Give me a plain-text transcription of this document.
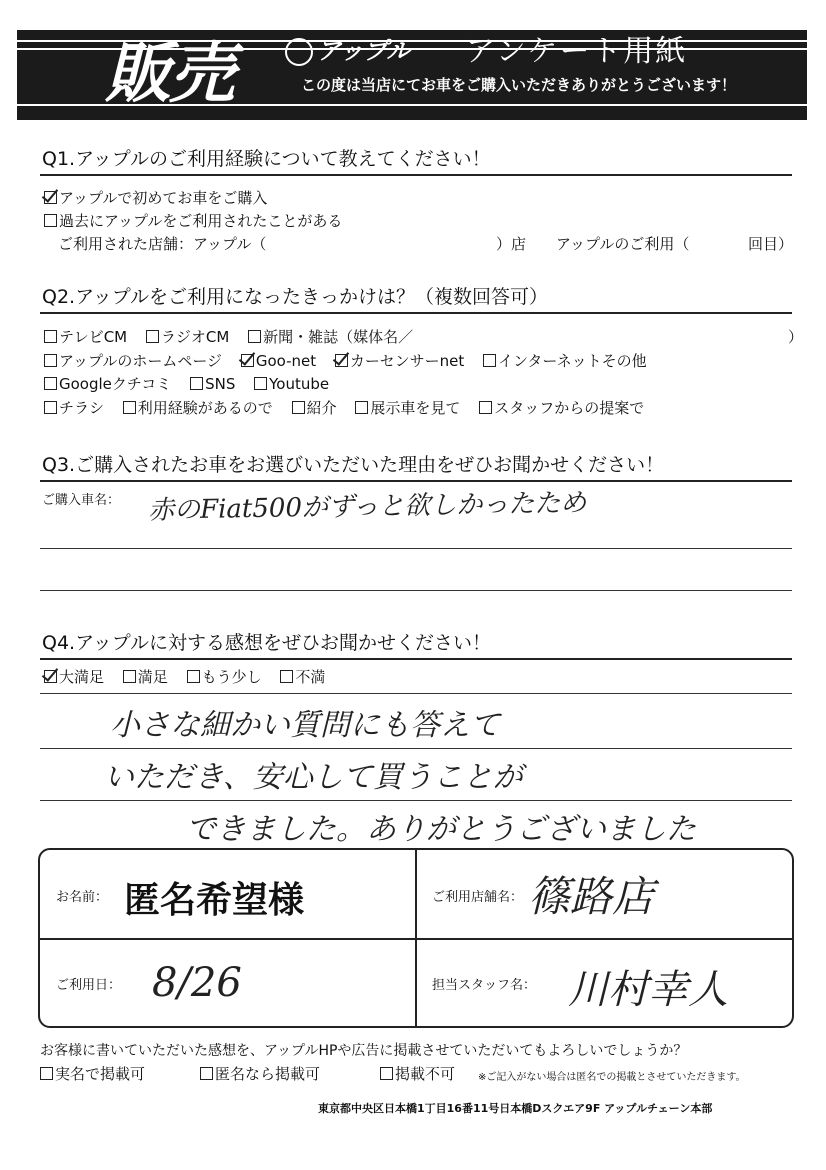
販売	アップル アンケート用紙
この度は当店にてお車をご購入いただきありがとうございます！
Q1.アップルのご利用経験について教えてください！
アップルで初めてお車をご購入
過去にアップルをご利用されたことがある
ご利用された店舗：アップル（	）店 アップルのご利用（	回目）
Q2.アップルをご利用になったきっかけは？（複数回答可）
テレビCM ラジオCM 新聞・雑誌（媒体名／	）
アップルのホームページ Goo-net カーセンサーnet インターネットその他
Googleクチコミ SNS Youtube
チラシ 利用経験があるので 紹介 展示車を見て スタッフからの提案で
Q3.ご購入されたお車をお選びいただいた理由をぜひお聞かせください！
ご購入車名： 赤のFiat500がずっと欲しかったため
Q4.アップルに対する感想をぜひお聞かせください！
大満足 満足 もう少し 不満
小さな細かい質問にも答えて
いただき、安心して買うことが
できました。ありがとうございました
お名前： 匿名希望様	ご利用店舗名： 篠路店
ご利用日： 8/26	担当スタッフ名： 川村幸人
お客様に書いていただいた感想を、アップルHPや広告に掲載させていただいてもよろしいでしょうか？
実名で掲載可	匿名なら掲載可	掲載不可 ※ご記入がない場合は匿名での掲載とさせていただきます。
東京都中央区日本橋1丁目16番11号日本橋Dスクエア9F アップルチェーン本部
